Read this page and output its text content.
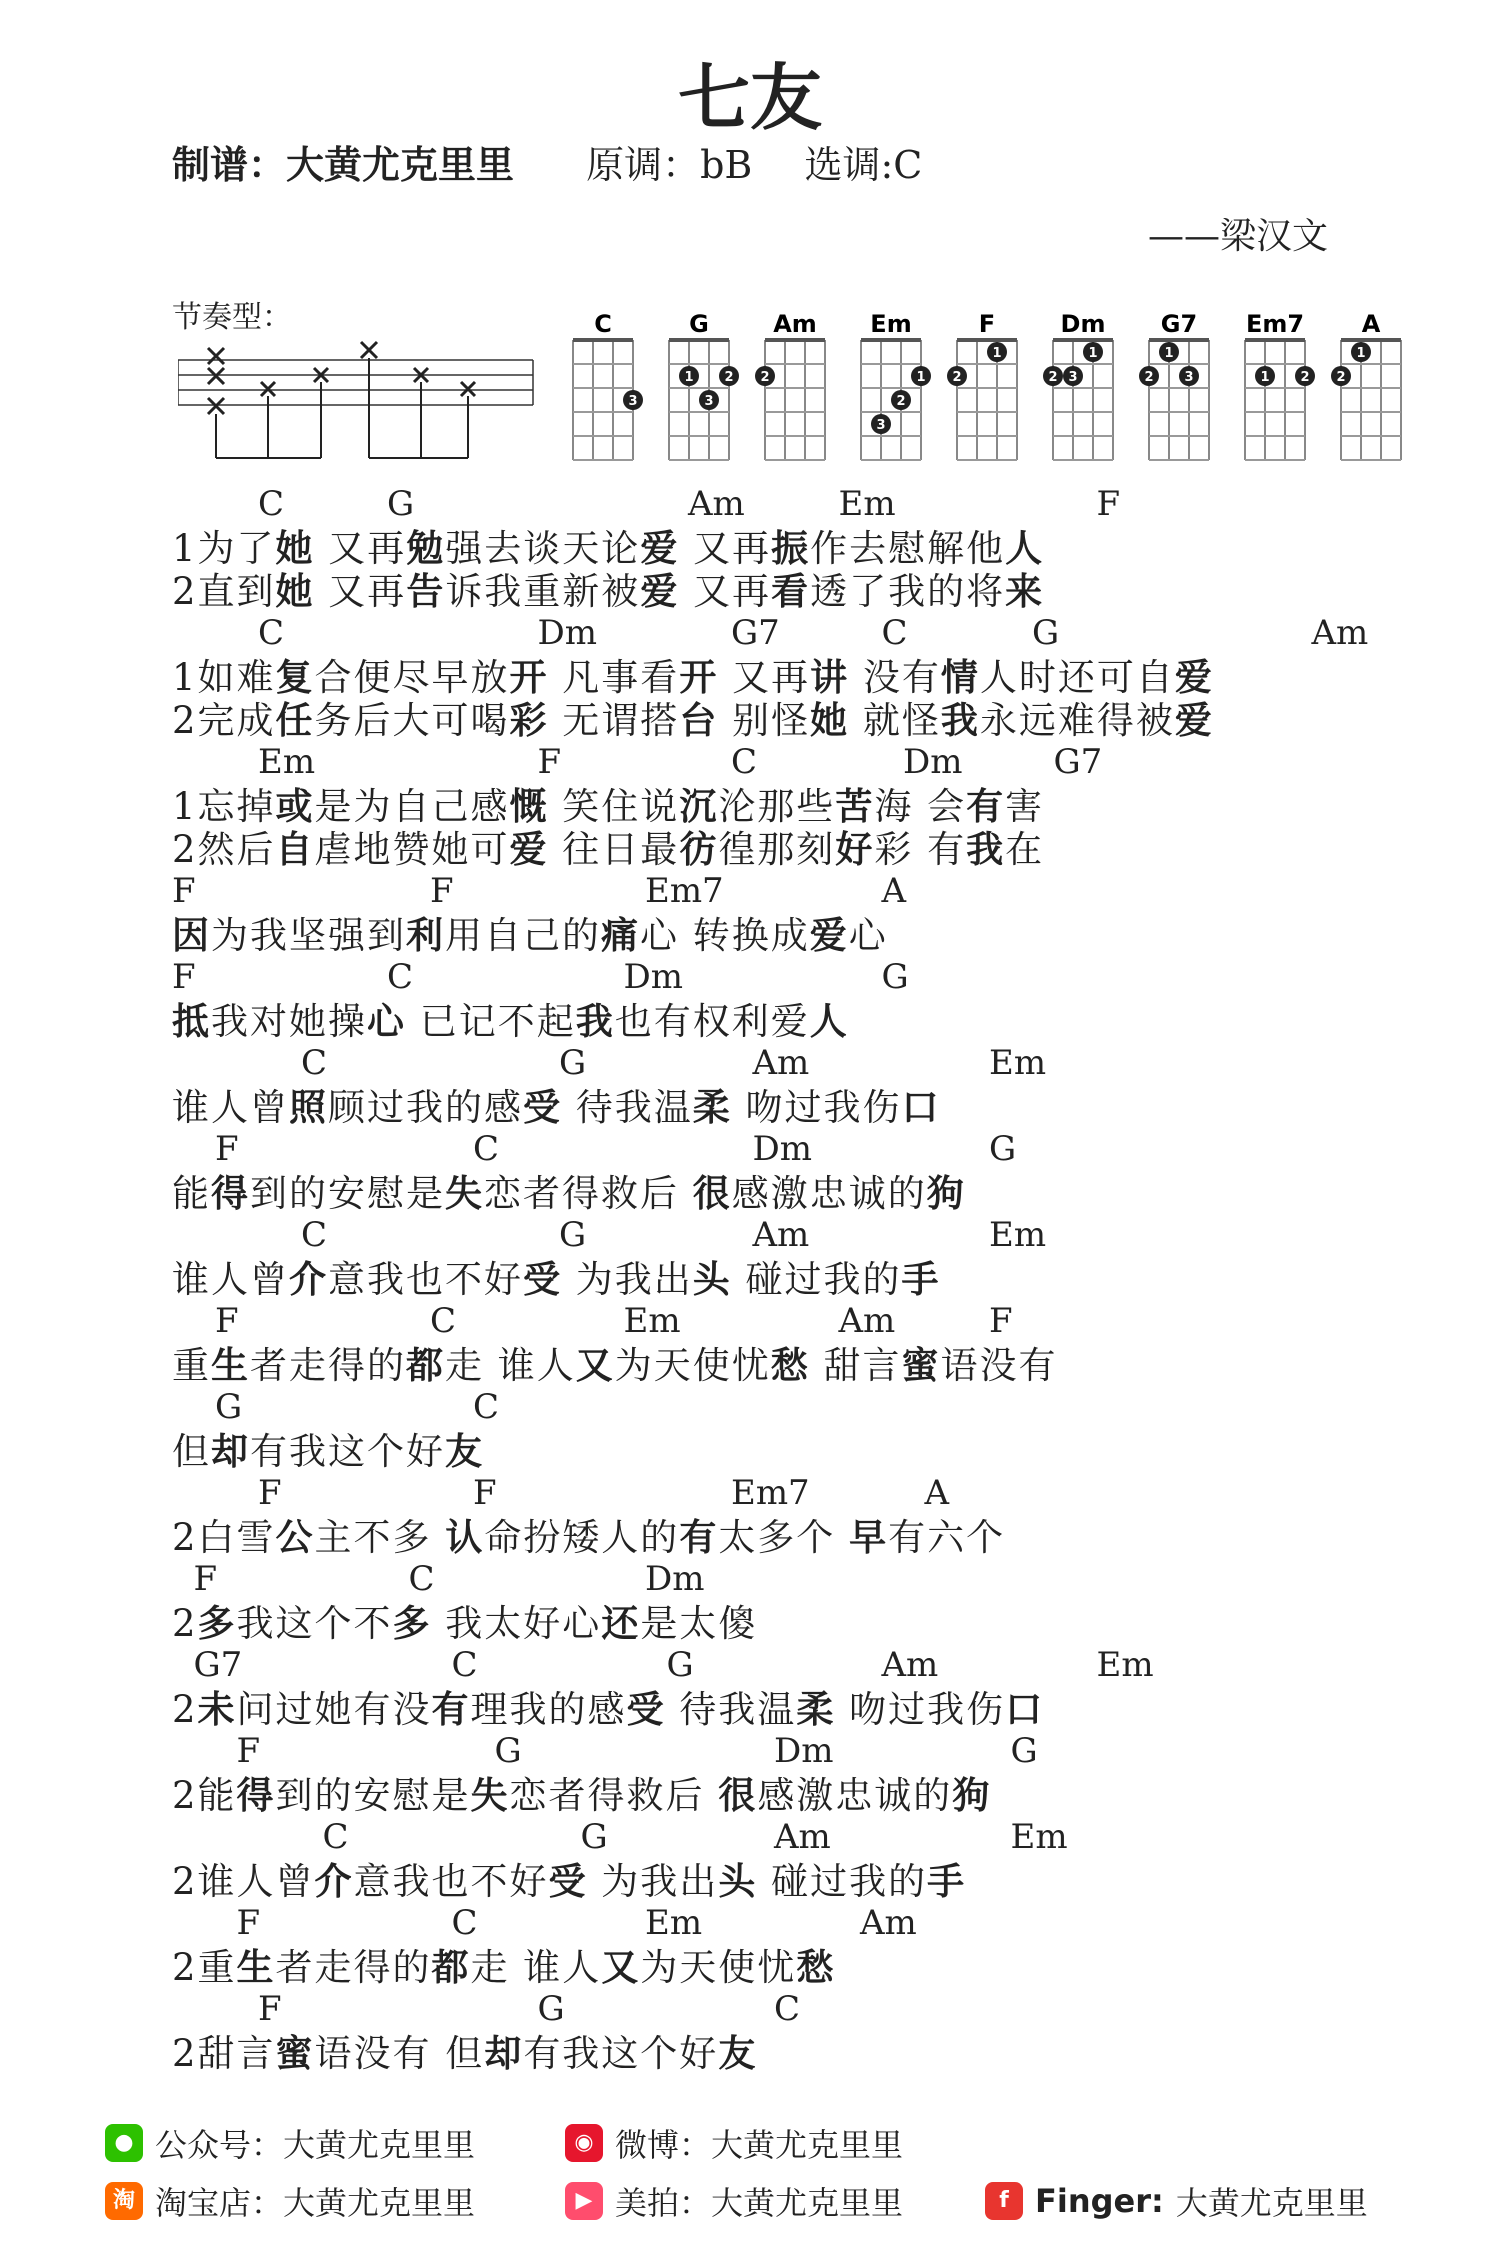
七友
制谱：大黄尤克里里 原调：bB 选调:C
——梁汉文
节奏型：	C
3
G
1
3
2
Am
2
Em
3
2
1
F
2
1
Dm
2 3
1
G7
2
1
3
Em7
1 2
A
2
1
C	G	Am	Em	F
1为了她 又再勉强去谈天论爱 又再振作去慰解他人
2直到她 又再告诉我重新被爱 又再看透了我的将来
C	Dm	G7	C	G	Am
1如难复合便尽早放开 凡事看开 又再讲 没有情人时还可自爱
2完成任务后大可喝彩 无谓搭台 别怪她 就怪我永远难得被爱
Em	F	C	Dm	G7
1忘掉或是为自己感慨 笑住说沉沦那些苦海 会有害
2然后自虐地赞她可爱 往日最彷徨那刻好彩 有我在
F	F	Em7	A
因为我坚强到利用自己的痛心 转换成爱心
F	C	Dm	G
抵我对她操心 已记不起我也有权利爱人
C	G	Am	Em
谁人曾照顾过我的感受 待我温柔 吻过我伤口
F	C	Dm	G
能得到的安慰是失恋者得救后 很感激忠诚的狗
C	G	Am	Em
谁人曾介意我也不好受 为我出头 碰过我的手
F	C	Em	Am	F
重生者走得的都走 谁人又为天使忧愁 甜言蜜语没有
G	C
但却有我这个好友
F	F	Em7	A
2白雪公主不多 认命扮矮人的有太多个 早有六个
F	C	Dm
2多我这个不多 我太好心还是太傻
G7	C	G	Am	Em
2未问过她有没有理我的感受 待我温柔 吻过我伤口
F	G	Dm	G
2能得到的安慰是失恋者得救后 很感激忠诚的狗
C	G	Am	Em
2谁人曾介意我也不好受 为我出头 碰过我的手
F	C	Em	Am
2重生者走得的都走 谁人又为天使忧愁
F	G	C
2甜言蜜语没有 但却有我这个好友
● 公众号：大黄尤克里里	◉ 微博：大黄尤克里里
淘 淘宝店：大黄尤克里里	▶ 美拍：大黄尤克里里	f Finger: 大黄尤克里里
